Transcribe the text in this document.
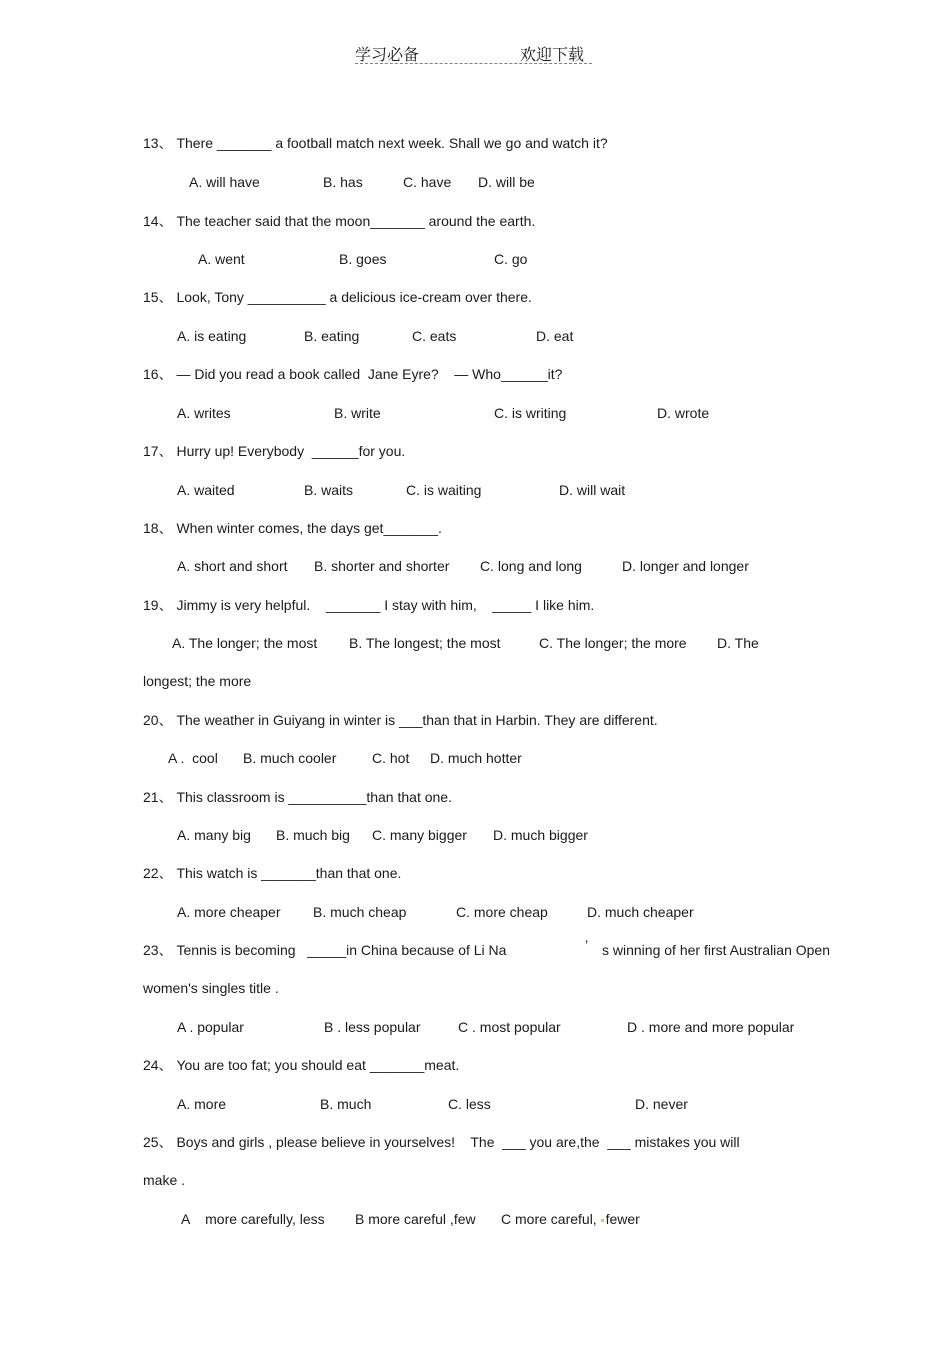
学习必备	欢迎下载
13、 There _______ a football match next week. Shall we go and watch it?
A. will have	B. has	C. have D. will be
14、 The teacher said that the moon_______ around the earth.
A. went	B. goes	C. go
15、 Look, Tony __________ a delicious ice-cream over there.
A. is eating	B. eating	C. eats	D. eat
16、 — Did you read a book called  Jane Eyre?    — Who______it?
A. writes	B. write	C. is writing	D. wrote
17、 Hurry up! Everybody  ______for you.
A. waited	B. waits	C. is waiting	D. will wait
18、 When winter comes, the days get_______.
A. short and short B. shorter and shorter C. long and long	D. longer and longer
19、 Jimmy is very helpful.    _______ I stay with him,    _____ I like him.
A. The longer; the most B. The longest; the most	C. The longer; the more D. The
longest; the more
20、 The weather in Guiyang in winter is ___than that in Harbin. They are different.
A .  cool B. much cooler	C. hot D. much hotter
21、 This classroom is __________than that one.
A. many big B. much big C. many bigger D. much bigger
22、 This watch is _______than that one.
A. more cheaper B. much cheap	C. more cheap	D. much cheaper
23、 Tennis is becoming   _____in China because of Li Na	’ s winning of her first Australian Open
women's singles title .
A . popular	B . less popular	C . most popular	D . more and more popular
24、 You are too fat; you should eat _______meat.
A. more	B. much	C. less	D. never
25、 Boys and girls , please believe in yourselves!    The  ___ you are,the  ___ mistakes you will
make .
A    more carefully, less B more careful ,few C more careful, fewer
